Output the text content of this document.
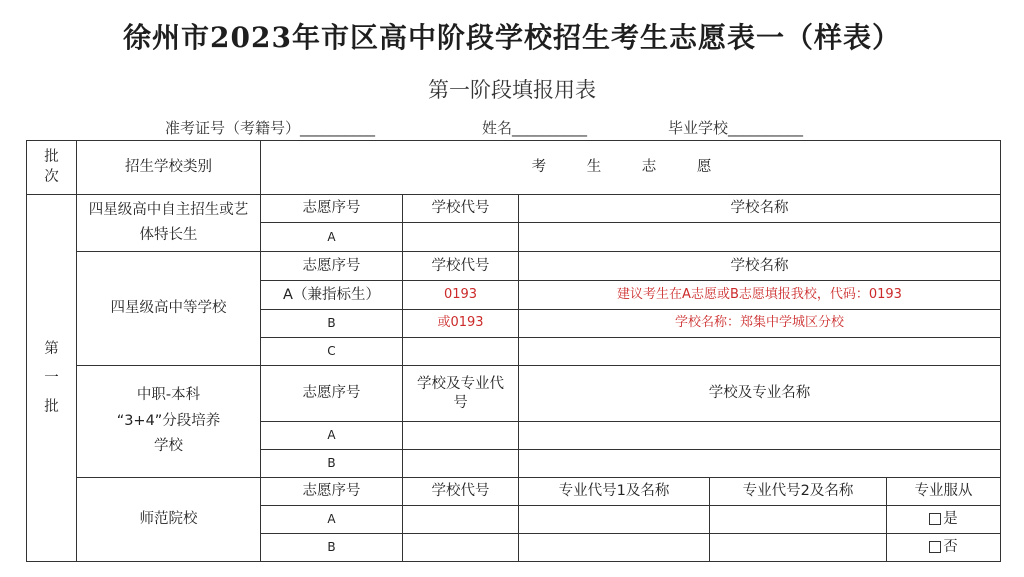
徐州市2023年市区高中阶段学校招生考生志愿表一（样表）
第一阶段填报用表
准考证号（考籍号）__________	姓名__________	毕业学校__________
批次	招生学校类别	考 生 志 愿				

第一批	四星级高中自主招生或艺体特长生	志愿序号	学校代号	学校名称		
		A				
	四星级高中等学校	志愿序号	学校代号	学校名称		
		A（兼指标生）	0193	建议考生在A志愿或B志愿填报我校，代码：0193		
		B	或0193	学校名称：郑集中学城区分校		
		C				

	中职-本科
“3+4”分段培养
学校	志愿序号	学校及专业代号	学校及专业名称		
		A				
		B				
	师范院校	志愿序号	学校代号	专业代号1及名称	专业代号2及名称	专业服从
		A				是
		B				否
